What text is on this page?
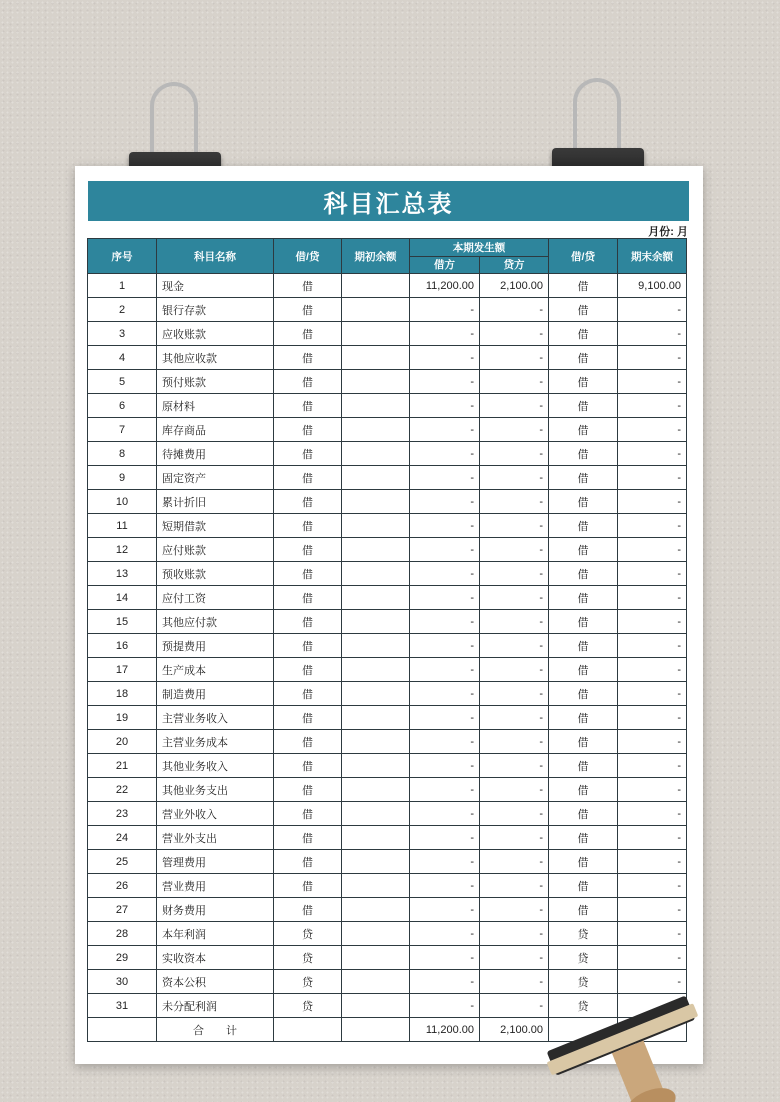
科目汇总表
月份: 月
序号	科目名称	借/贷	期初余额	本期发生额		借/贷	期末余额
				借方	贷方		
1	现金	借		11,200.00	2,100.00	借	9,100.00
2	银行存款	借		-	-	借	-
3	应收账款	借		-	-	借	-
4	其他应收款	借		-	-	借	-
5	预付账款	借		-	-	借	-
6	原材料	借		-	-	借	-
7	库存商品	借		-	-	借	-
8	待摊费用	借		-	-	借	-
9	固定资产	借		-	-	借	-
10	累计折旧	借		-	-	借	-
11	短期借款	借		-	-	借	-
12	应付账款	借		-	-	借	-
13	预收账款	借		-	-	借	-
14	应付工资	借		-	-	借	-
15	其他应付款	借		-	-	借	-
16	预提费用	借		-	-	借	-
17	生产成本	借		-	-	借	-
18	制造费用	借		-	-	借	-
19	主营业务收入	借		-	-	借	-
20	主营业务成本	借		-	-	借	-
21	其他业务收入	借		-	-	借	-
22	其他业务支出	借		-	-	借	-
23	营业外收入	借		-	-	借	-
24	营业外支出	借		-	-	借	-
25	管理费用	借		-	-	借	-
26	营业费用	借		-	-	借	-
27	财务费用	借		-	-	借	-
28	本年利润	贷		-	-	贷	-
29	实收资本	贷		-	-	贷	-
30	资本公积	贷		-	-	贷	-
31	未分配利润	贷		-	-	贷	
	合　　计			11,200.00	2,100.00		
